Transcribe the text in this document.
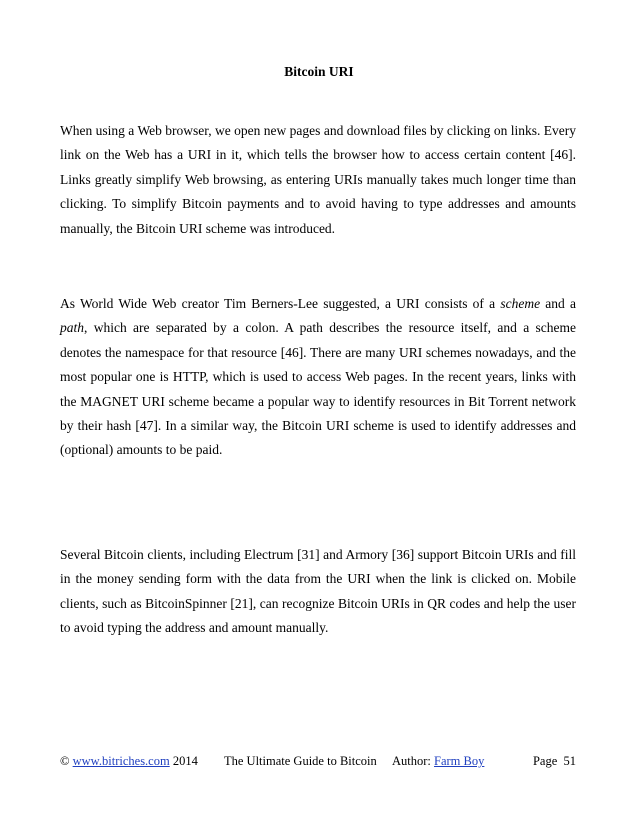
Bitcoin URI

When using a Web browser, we open new pages and download files by clicking on links. Every link on the Web has a URI in it, which tells the browser how to access certain content [46]. Links greatly simplify Web browsing, as entering URIs manually takes much longer time than clicking. To simplify Bitcoin payments and to avoid having to type addresses and amounts manually, the Bitcoin URI scheme was introduced.

As World Wide Web creator Tim Berners-Lee suggested, a URI consists of a scheme and a path, which are separated by a colon. A path describes the resource itself, and a scheme denotes the namespace for that resource [46]. There are many URI schemes nowadays, and the most popular one is HTTP, which is used to access Web pages. In the recent years, links with the MAGNET URI scheme became a popular way to identify resources in Bit Torrent network by their hash [47]. In a similar way, the Bitcoin URI scheme is used to identify addresses and (optional) amounts to be paid.

Several Bitcoin clients, including Electrum [31] and Armory [36] support Bitcoin URIs and fill in the money sending form with the data from the URI when the link is clicked on. Mobile clients, such as BitcoinSpinner [21], can recognize Bitcoin URIs in QR codes and help the user to avoid typing the address and amount manually.

© www.bitriches.com 2014 The Ultimate Guide to Bitcoin Author: Farm Boy	Page  51
